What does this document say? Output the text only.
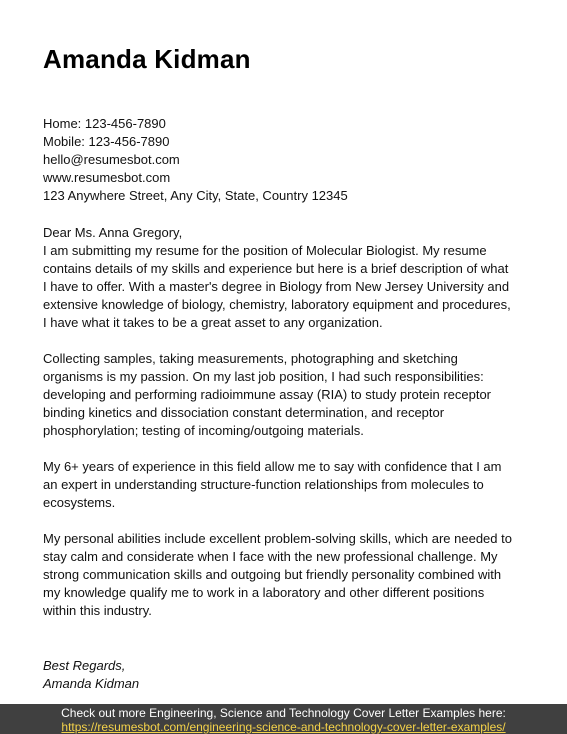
Amanda Kidman
Home: 123-456-7890
Mobile: 123-456-7890
hello@resumesbot.com
www.resumesbot.com
123 Anywhere Street, Any City, State, Country 12345

Dear Ms. Anna Gregory,

I am submitting my resume for the position of Molecular Biologist. My resume contains details of my skills and experience but here is a brief description of what I have to offer. With a master's degree in Biology from New Jersey University and extensive knowledge of biology, chemistry, laboratory equipment and procedures, I have what it takes to be a great asset to any organization.

Collecting samples, taking measurements, photographing and sketching organisms is my passion. On my last job position, I had such responsibilities: developing and performing radioimmune assay (RIA) to study protein receptor binding kinetics and dissociation constant determination, and receptor phosphorylation; testing of incoming/outgoing materials.

My 6+ years of experience in this field allow me to say with confidence that I am an expert in understanding structure-function relationships from molecules to ecosystems.

My personal abilities include excellent problem-solving skills, which are needed to stay calm and considerate when I face with the new professional challenge. My strong communication skills and outgoing but friendly personality combined with my knowledge qualify me to work in a laboratory and other different positions within this industry.

Best Regards,
Amanda Kidman
Check out more Engineering, Science and Technology Cover Letter Examples here:
https://resumesbot.com/engineering-science-and-technology-cover-letter-examples/
